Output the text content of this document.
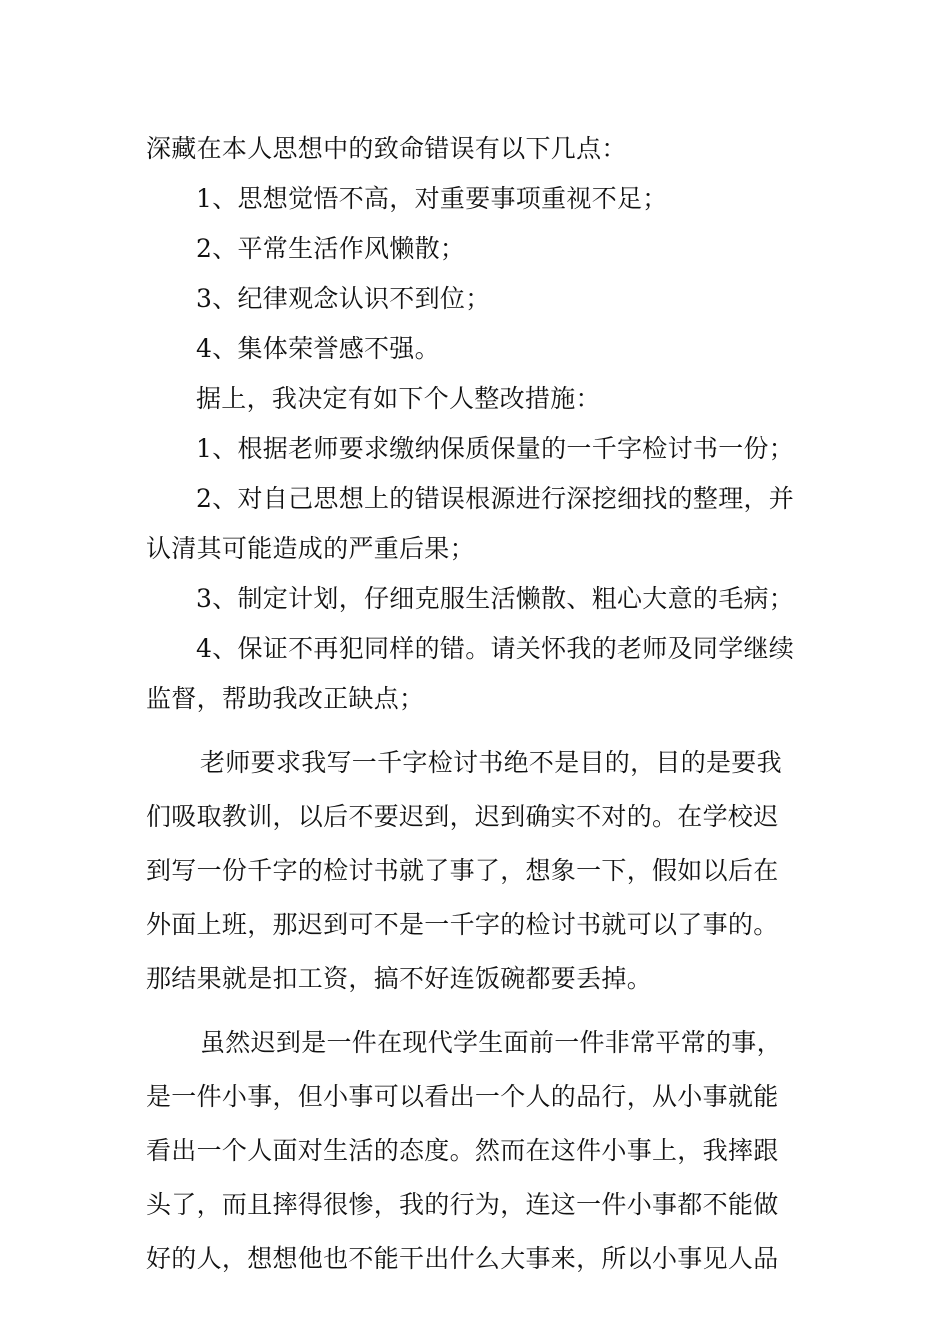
深藏在本人思想中的致命错误有以下几点：
1、思想觉悟不高，对重要事项重视不足；
2、平常生活作风懒散；
3、纪律观念认识不到位；
4、集体荣誉感不强。
据上，我决定有如下个人整改措施：
1、根据老师要求缴纳保质保量的一千字检讨书一份；
2、对自己思想上的错误根源进行深挖细找的整理，并
认清其可能造成的严重后果；
3、制定计划，仔细克服生活懒散、粗心大意的毛病；
4、保证不再犯同样的错。请关怀我的老师及同学继续
监督，帮助我改正缺点；
老师要求我写一千字检讨书绝不是目的，目的是要我
们吸取教训，以后不要迟到，迟到确实不对的。在学校迟
到写一份千字的检讨书就了事了，想象一下，假如以后在
外面上班，那迟到可不是一千字的检讨书就可以了事的。
那结果就是扣工资，搞不好连饭碗都要丢掉。
虽然迟到是一件在现代学生面前一件非常平常的事，
是一件小事，但小事可以看出一个人的品行，从小事就能
看出一个人面对生活的态度。然而在这件小事上，我摔跟
头了，而且摔得很惨，我的行为，连这一件小事都不能做
好的人，想想他也不能干出什么大事来，所以小事见人品
